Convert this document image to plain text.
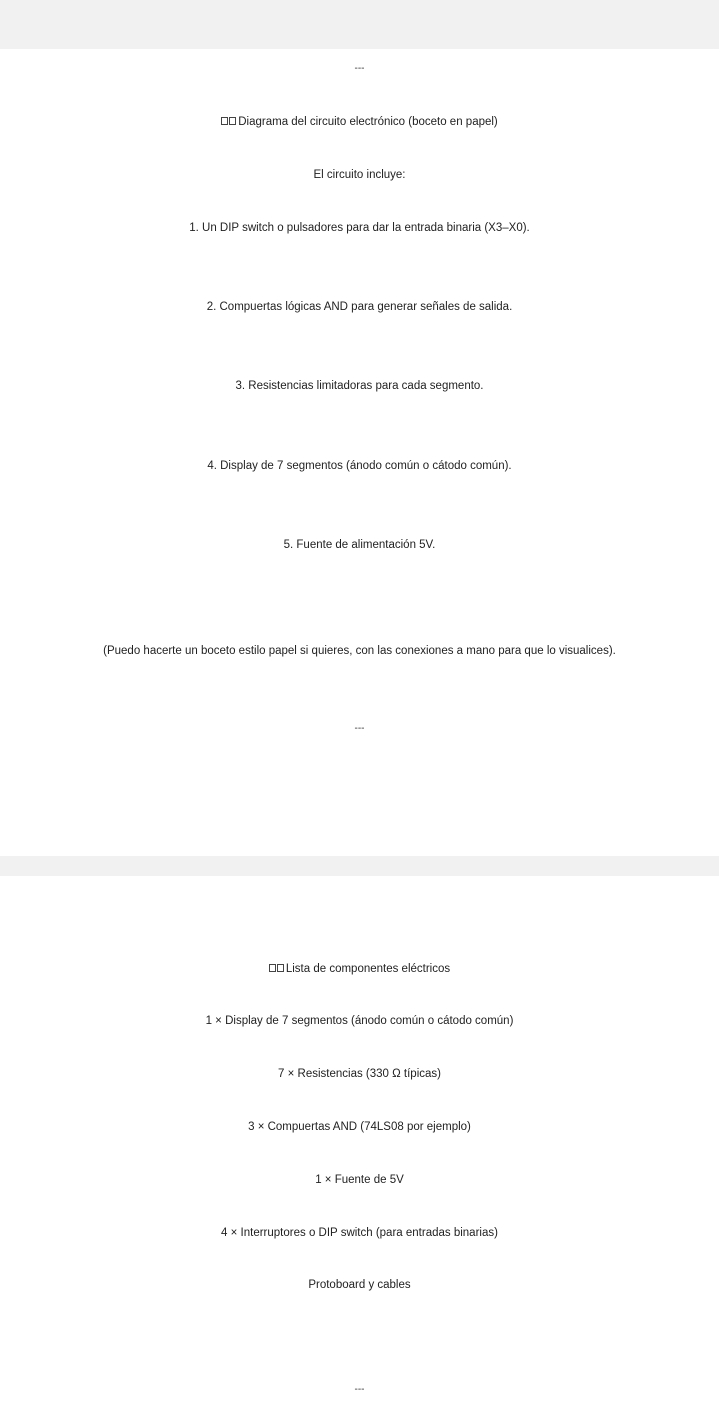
---
Diagrama del circuito electrónico (boceto en papel)
El circuito incluye:
1. Un DIP switch o pulsadores para dar la entrada binaria (X3–X0).
2. Compuertas lógicas AND para generar señales de salida.
3. Resistencias limitadoras para cada segmento.
4. Display de 7 segmentos (ánodo común o cátodo común).
5. Fuente de alimentación 5V.
(Puedo hacerte un boceto estilo papel si quieres, con las conexiones a mano para que lo visualices).
---
Lista de componentes eléctricos
1 × Display de 7 segmentos (ánodo común o cátodo común)
7 × Resistencias (330 Ω típicas)
3 × Compuertas AND (74LS08 por ejemplo)
1 × Fuente de 5V
4 × Interruptores o DIP switch (para entradas binarias)
Protoboard y cables
---
